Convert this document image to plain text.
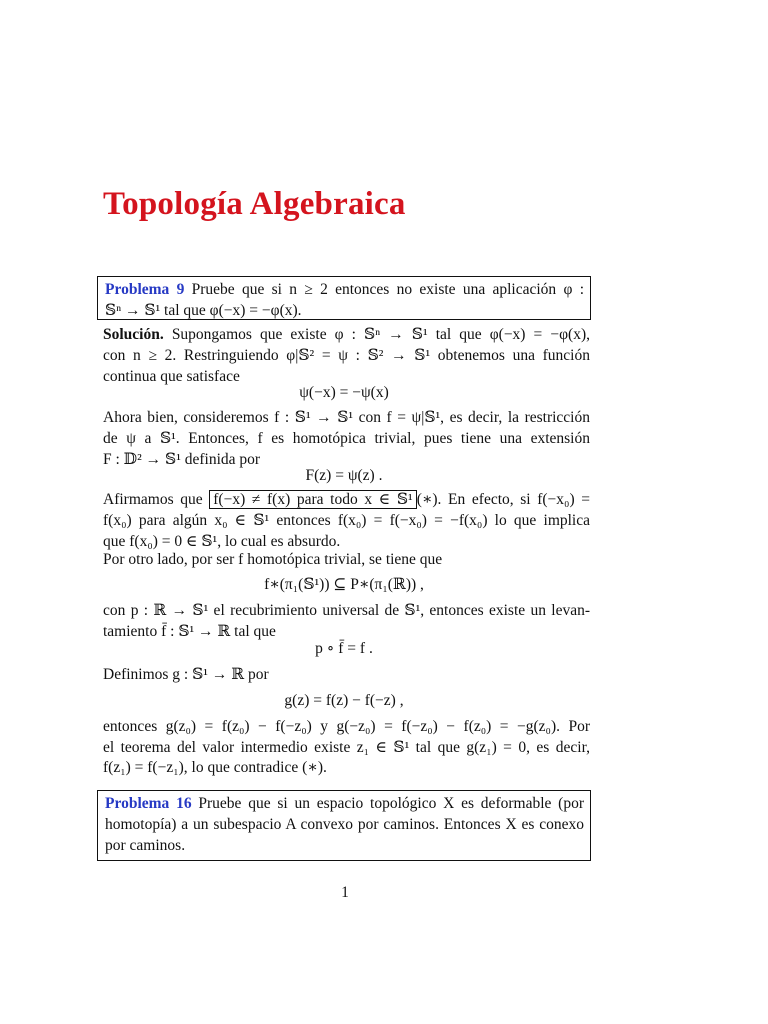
Topología Algebraica
Problema 9 Pruebe que si n ≥ 2 entonces no existe una aplicación φ :
𝕊ⁿ → 𝕊¹ tal que φ(−x) = −φ(x).
Solución. Supongamos que existe φ : 𝕊ⁿ → 𝕊¹ tal que φ(−x) = −φ(x),
con n ≥ 2. Restringuiendo φ|𝕊² = ψ : 𝕊² → 𝕊¹ obtenemos una función
continua que satisface
ψ(−x) = −ψ(x)
Ahora bien, consideremos f : 𝕊¹ → 𝕊¹ con f = ψ|𝕊¹, es decir, la restricción
de ψ a 𝕊¹. Entonces, f es homotópica trivial, pues tiene una extensión
F : 𝔻² → 𝕊¹ definida por
F(z) = ψ(z) .
Afirmamos que f(−x) ≠ f(x) para todo x ∈ 𝕊¹ (∗). En efecto, si f(−x₀) =
f(x₀) para algún x₀ ∈ 𝕊¹ entonces f(x₀) = f(−x₀) = −f(x₀) lo que implica
que f(x₀) = 0 ∈ 𝕊¹, lo cual es absurdo.
Por otro lado, por ser f homotópica trivial, se tiene que
f∗(π₁(𝕊¹)) ⊆ P∗(π₁(ℝ)) ,
con p : ℝ → 𝕊¹ el recubrimiento universal de 𝕊¹, entonces existe un levan-
tamiento f̄ : 𝕊¹ → ℝ tal que
p ∘ f̄ = f .
Definimos g : 𝕊¹ → ℝ por
g(z) = f(z) − f(−z) ,
entonces g(z₀) = f(z₀) − f(−z₀) y g(−z₀) = f(−z₀) − f(z₀) = −g(z₀). Por
el teorema del valor intermedio existe z₁ ∈ 𝕊¹ tal que g(z₁) = 0, es decir,
f(z₁) = f(−z₁), lo que contradice (∗).
Problema 16 Pruebe que si un espacio topológico X es deformable (por homotopía) a un subespacio A convexo por caminos. Entonces X es conexo por caminos.
1
